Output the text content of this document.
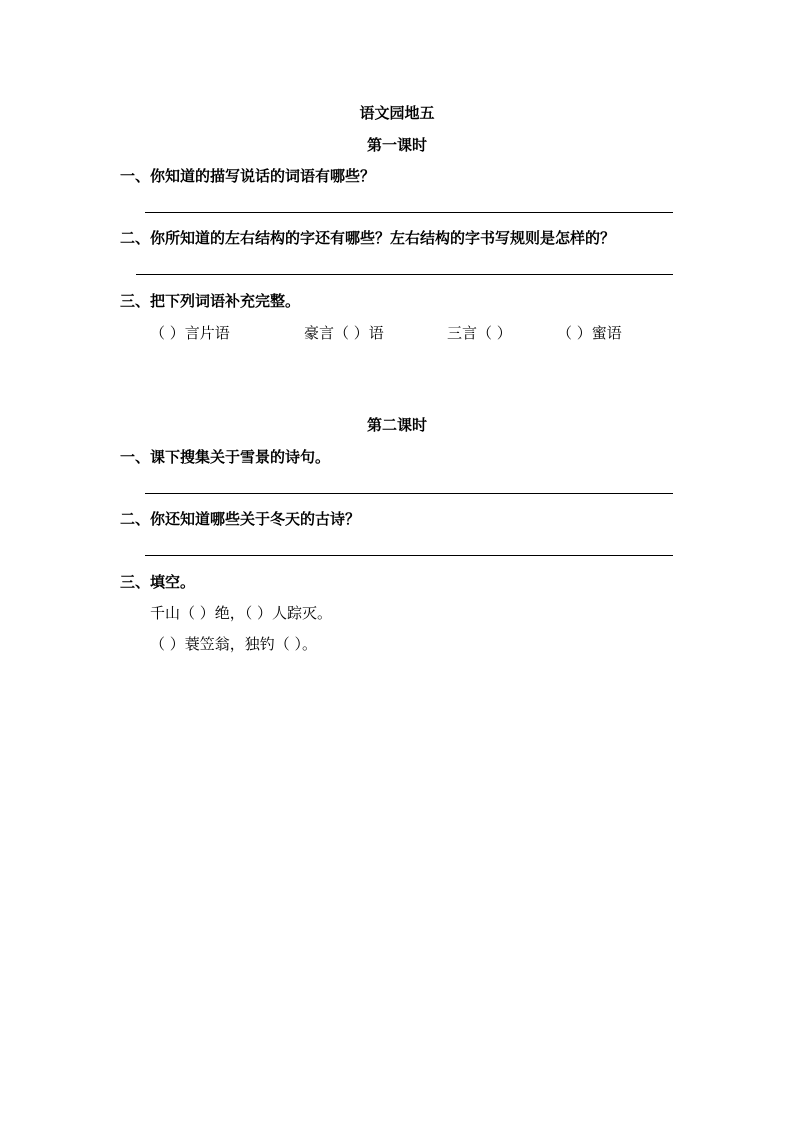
语文园地五
第一课时
一、你知道的描写说话的词语有哪些？
二、你所知道的左右结构的字还有哪些？左右结构的字书写规则是怎样的？
三、把下列词语补充完整。
（ ）言片语	豪言（ ）语	三言（ ）	（ ）蜜语
第二课时
一、课下搜集关于雪景的诗句。
二、你还知道哪些关于冬天的古诗？
三、填空。
千山（ ）绝，（ ）人踪灭。
（ ）蓑笠翁，独钓（ ）。
